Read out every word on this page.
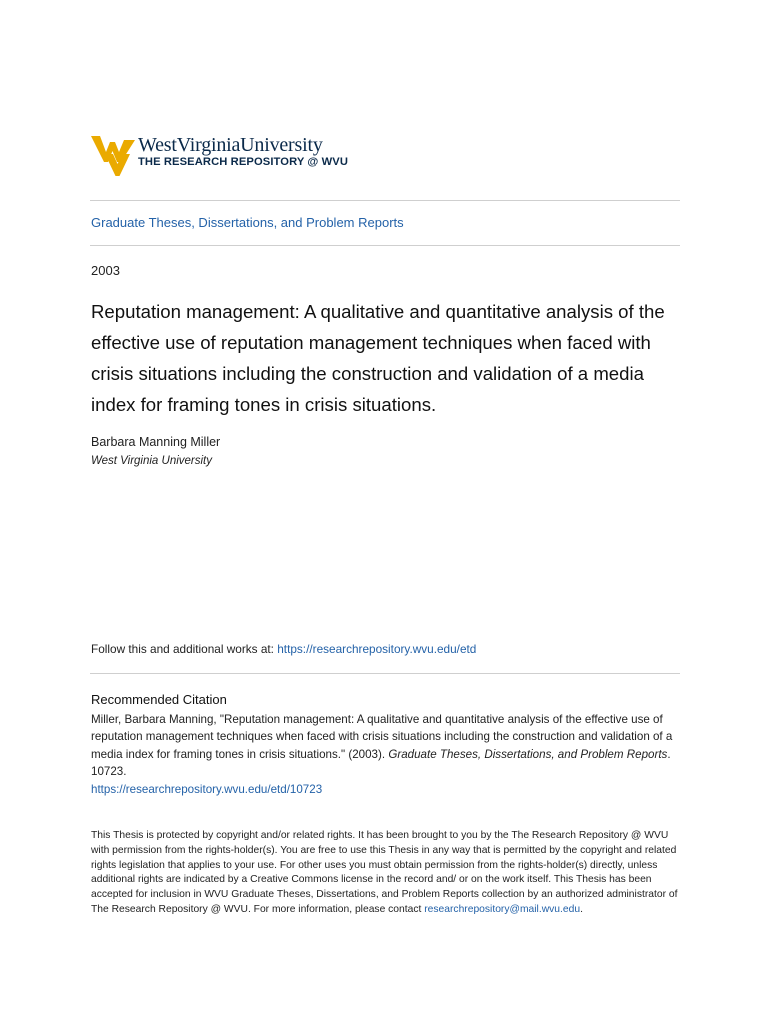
WestVirginiaUniversity
THE RESEARCH REPOSITORY @ WVU
Graduate Theses, Dissertations, and Problem Reports
2003
Reputation management: A qualitative and quantitative analysis of the effective use of reputation management techniques when faced with crisis situations including the construction and validation of a media index for framing tones in crisis situations.
Barbara Manning Miller
West Virginia University
Follow this and additional works at: https://researchrepository.wvu.edu/etd
Recommended Citation
Miller, Barbara Manning, "Reputation management: A qualitative and quantitative analysis of the effective use of reputation management techniques when faced with crisis situations including the construction and validation of a media index for framing tones in crisis situations." (2003). Graduate Theses, Dissertations, and Problem Reports. 10723.
https://researchrepository.wvu.edu/etd/10723
This Thesis is protected by copyright and/or related rights. It has been brought to you by the The Research Repository @ WVU with permission from the rights-holder(s). You are free to use this Thesis in any way that is permitted by the copyright and related rights legislation that applies to your use. For other uses you must obtain permission from the rights-holder(s) directly, unless additional rights are indicated by a Creative Commons license in the record and/ or on the work itself. This Thesis has been accepted for inclusion in WVU Graduate Theses, Dissertations, and Problem Reports collection by an authorized administrator of The Research Repository @ WVU. For more information, please contact researchrepository@mail.wvu.edu.
